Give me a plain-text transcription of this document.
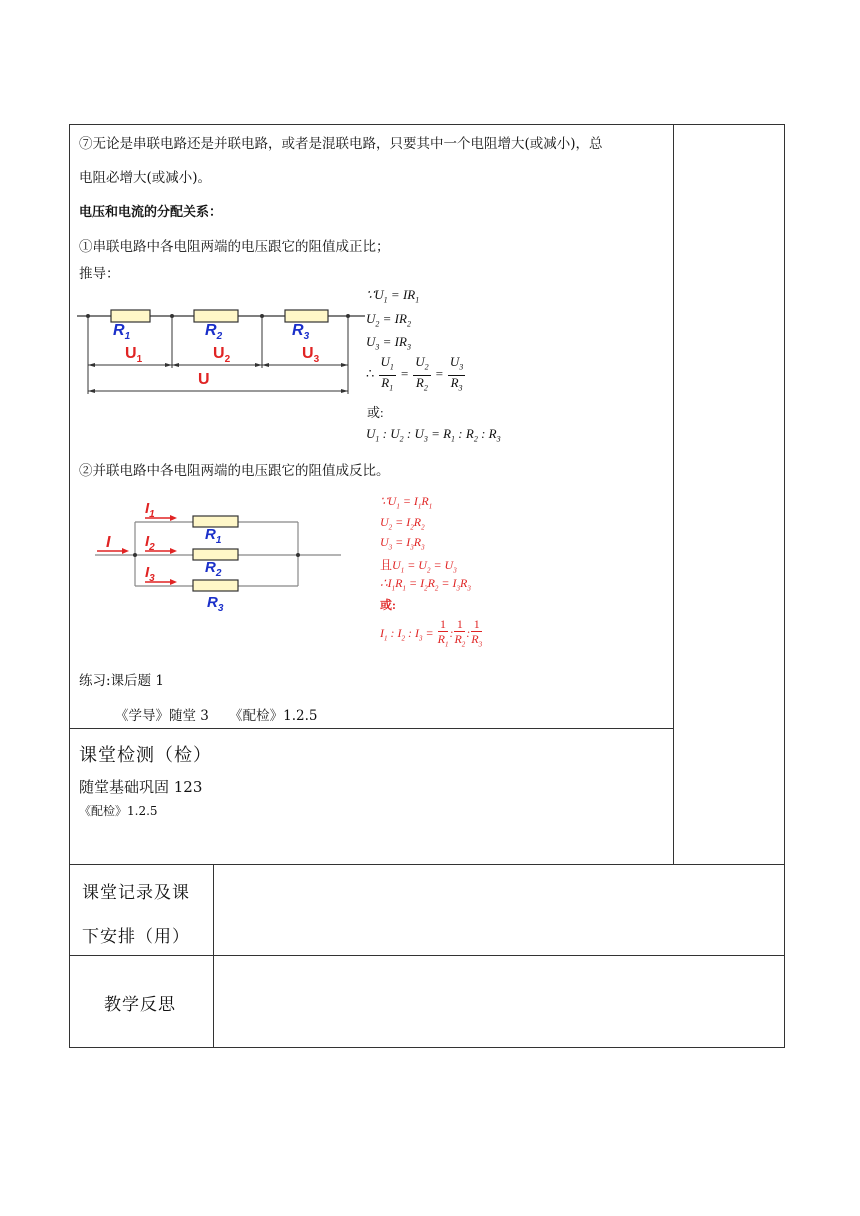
⑦无论是串联电路还是并联电路，或者是混联电路，只要其中一个电阻增大(或减小)，总
电阻必增大(或减小)。
电压和电流的分配关系：
①串联电路中各电阻两端的电压跟它的阻值成正比；
推导：
$R_1$	$R_2$	$R_3$
$U_1$	$U_2$	$U_3$
U
$\because U_1 = IR_1$
$U_2 = IR_2$
$U_3 = IR_3$
∴ $\frac{U_1}{R_1} = \frac{U_2}{R_2} = \frac{U_3}{R_3}$
或:
$U_1$ : $U_2$ : $U_3 = R_1$ : $R_2$ : $R_3$
②并联电路中各电阻两端的电压跟它的阻值成反比。
I
$I_1$
$I_2$
$I_3$
$R_1$
$R_2$
$R_3$
$\because U_1 = I_1R_1$
$U_2 = I_2R_2$
$U_3 = I_3R_3$
且$U_1 = U_2 = U_3$
$\therefore I_1R_1 = I_2R_2 = I_3R_3$
或:
$I_1$ : $I_2$ : $I_3 = \frac{1}{R_1}$ : $\frac{1}{R_2}$ : $\frac{1}{R_3}$
练习:课后题 1
《学导》随堂 3　　《配检》1.2.5
课堂检测（检）
随堂基础巩固 123
《配检》1.2.5
课堂记录及课
下安排（用）
教学反思
